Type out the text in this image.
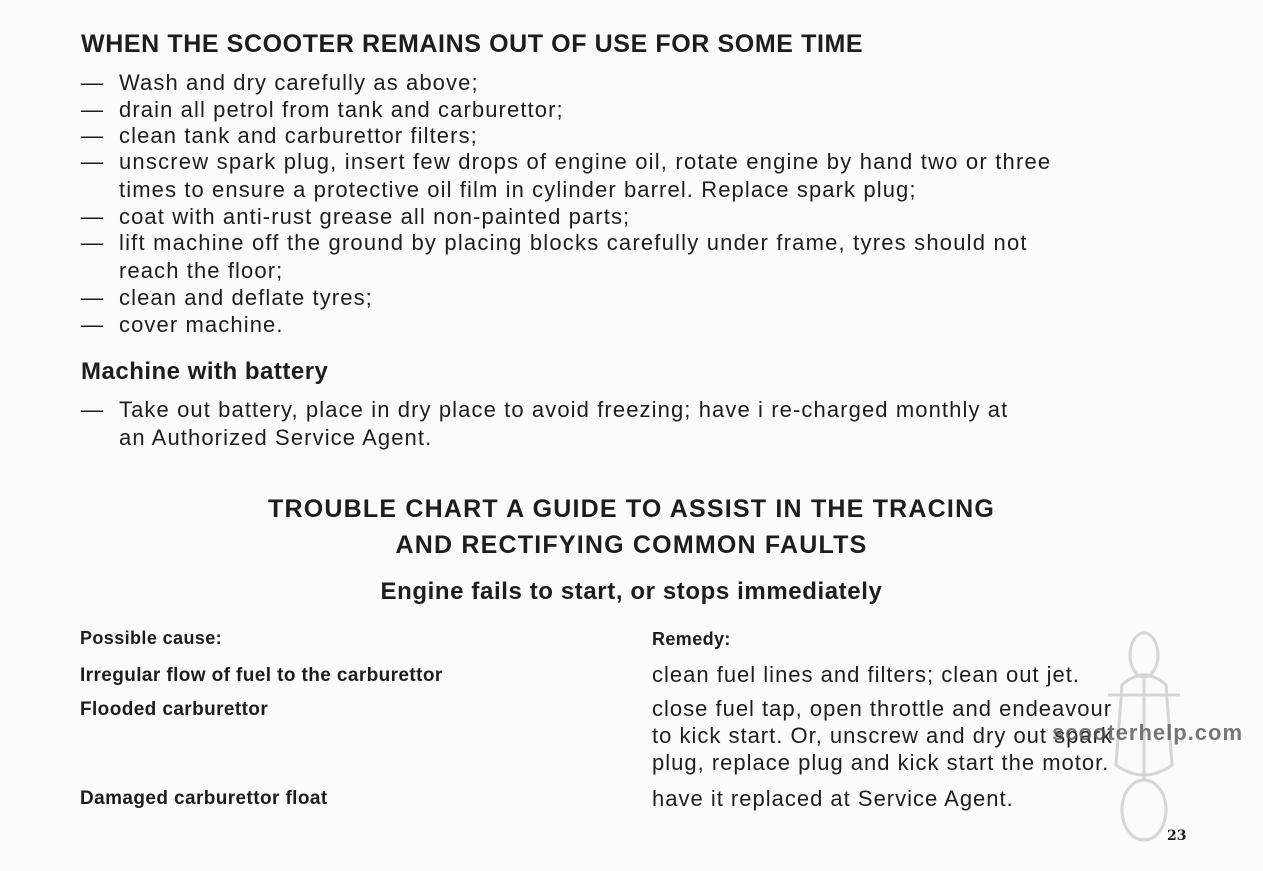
WHEN THE SCOOTER REMAINS OUT OF USE FOR SOME TIME
— Wash and dry carefully as above;
— drain all petrol from tank and carburettor;
— clean tank and carburettor filters;
— unscrew spark plug, insert few drops of engine oil, rotate engine by hand two or three
times to ensure a protective oil film in cylinder barrel. Replace spark plug;
— coat with anti-rust grease all non-painted parts;
— lift machine off the ground by placing blocks carefully under frame, tyres should not
reach the floor;
— clean and deflate tyres;
— cover machine.
Machine with battery
— Take out battery, place in dry place to avoid freezing; have i re-charged monthly at
an Authorized Service Agent.
TROUBLE CHART A GUIDE TO ASSIST IN THE TRACING
AND RECTIFYING COMMON FAULTS
Engine fails to start, or stops immediately
Possible cause:	Remedy:
Irregular flow of fuel to the carburettor	clean fuel lines and filters; clean out jet.
Flooded carburettor	close fuel tap, open throttle and endeavour
to kick start. Or, unscrew and dry out spark
plug, replace plug and kick start the motor.
Damaged carburettor float	have it replaced at Service Agent.
scooterhelp.com
23
